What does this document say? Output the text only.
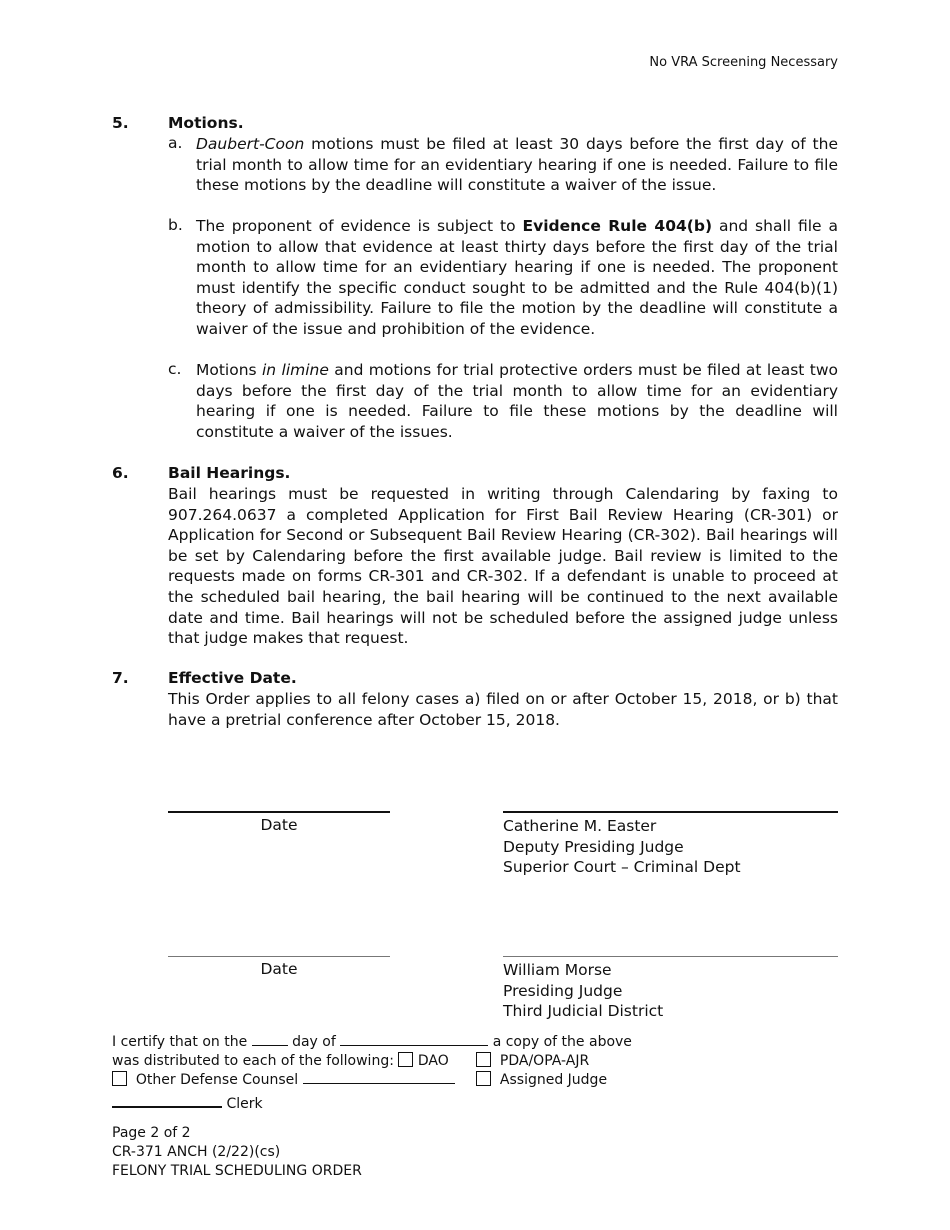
No VRA Screening Necessary
5.	Motions.
a. Daubert-Coon motions must be filed at least 30 days before the first day of the trial month to allow time for an evidentiary hearing if one is needed. Failure to file these motions by the deadline will constitute a waiver of the issue.

b. The proponent of evidence is subject to Evidence Rule 404(b) and shall file a motion to allow that evidence at least thirty days before the first day of the trial month to allow time for an evidentiary hearing if one is needed. The proponent must identify the specific conduct sought to be admitted and the Rule 404(b)(1) theory of admissibility. Failure to file the motion by the deadline will constitute a waiver of the issue and prohibition of the evidence.

c. Motions in limine and motions for trial protective orders must be filed at least two days before the first day of the trial month to allow time for an evidentiary hearing if one is needed. Failure to file these motions by the deadline will constitute a waiver of the issues.

6.	Bail Hearings.

Bail hearings must be requested in writing through Calendaring by faxing to 907.264.0637 a completed Application for First Bail Review Hearing (CR-301) or Application for Second or Subsequent Bail Review Hearing (CR-302). Bail hearings will be set by Calendaring before the first available judge. Bail review is limited to the requests made on forms CR-301 and CR-302. If a defendant is unable to proceed at the scheduled bail hearing, the bail hearing will be continued to the next available date and time. Bail hearings will not be scheduled before the assigned judge unless that judge makes that request.

7.	Effective Date.

This Order applies to all felony cases a) filed on or after October 15, 2018, or b) that have a pretrial conference after October 15, 2018.

Date	Catherine M. Easter
Deputy Presiding Judge
Superior Court – Criminal Dept
Date	William Morse
Presiding Judge
Third Judicial District
I certify that on the	day of	a copy of the above
was distributed to each of the following: DAO	PDA/OPA-AJR
Other Defense Counsel	Assigned Judge
Clerk
Page 2 of 2
CR-371 ANCH (2/22)(cs)
FELONY TRIAL SCHEDULING ORDER
